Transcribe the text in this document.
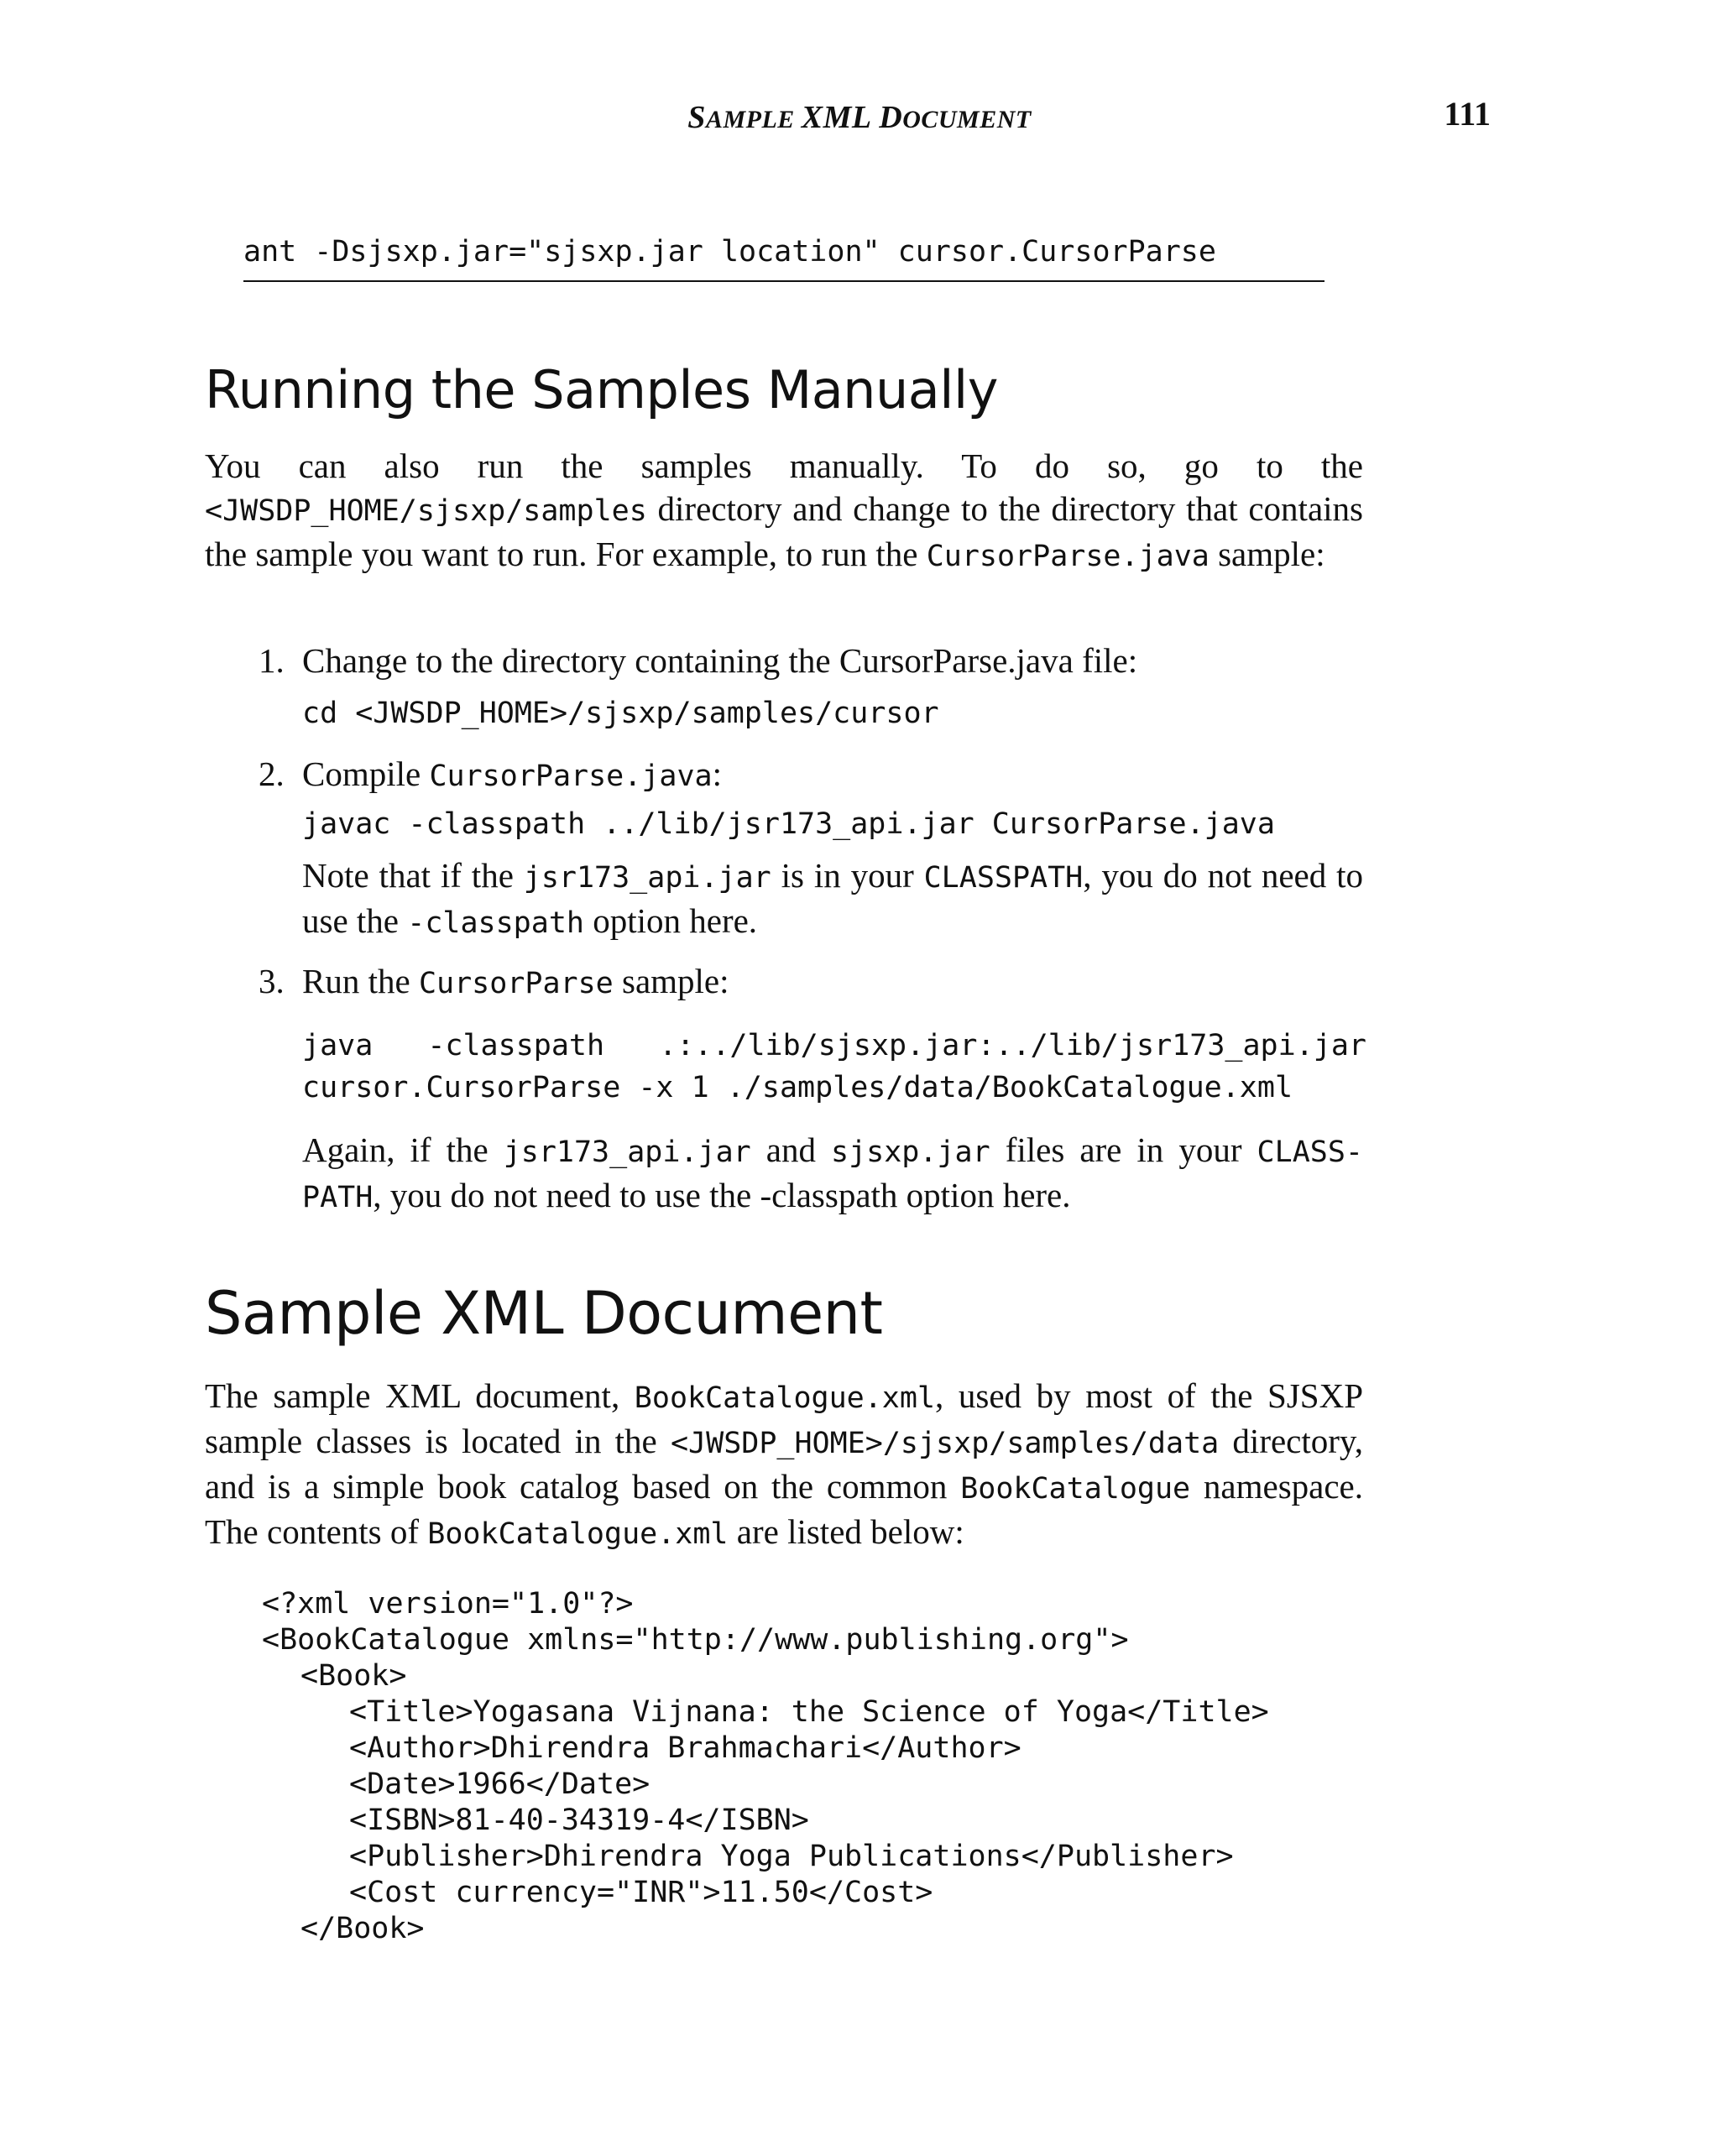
SAMPLE XML DOCUMENT	111
ant -Dsjsxp.jar="sjsxp.jar location" cursor.CursorParse
Running the Samples Manually

You can also run the samples manually. To do so, go to the <JWSDP_HOME/sjsxp/samples directory and change to the directory that contains the sample you want to run. For example, to run the CursorParse.java sample:

1. Change to the directory containing the CursorParse.java file:
cd <JWSDP_HOME>/sjsxp/samples/cursor
2. Compile CursorParse.java:
javac -classpath ../lib/jsr173_api.jar CursorParse.java

Note that if the jsr173_api.jar is in your CLASSPATH, you do not need to use the -classpath option here.

3. Run the CursorParse sample:
java -classpath .:../lib/sjsxp.jar:../lib/jsr173_api.jar
cursor.CursorParse -x 1 ./samples/data/BookCatalogue.xml

Again, if the jsr173_api.jar and sjsxp.jar files are in your CLASS-PATH, you do not need to use the -classpath option here.

Sample XML Document

The sample XML document, BookCatalogue.xml, used by most of the SJSXP sample classes is located in the <JWSDP_HOME>/sjsxp/samples/data directory, and is a simple book catalog based on the common BookCatalogue namespace. The contents of BookCatalogue.xml are listed below:

<?xml version="1.0"?>
<BookCatalogue xmlns="http://www.publishing.org">
<Book>
<Title>Yogasana Vijnana: the Science of Yoga</Title>
<Author>Dhirendra Brahmachari</Author>
<Date>1966</Date>
<ISBN>81-40-34319-4</ISBN>
<Publisher>Dhirendra Yoga Publications</Publisher>
<Cost currency="INR">11.50</Cost>
</Book>
